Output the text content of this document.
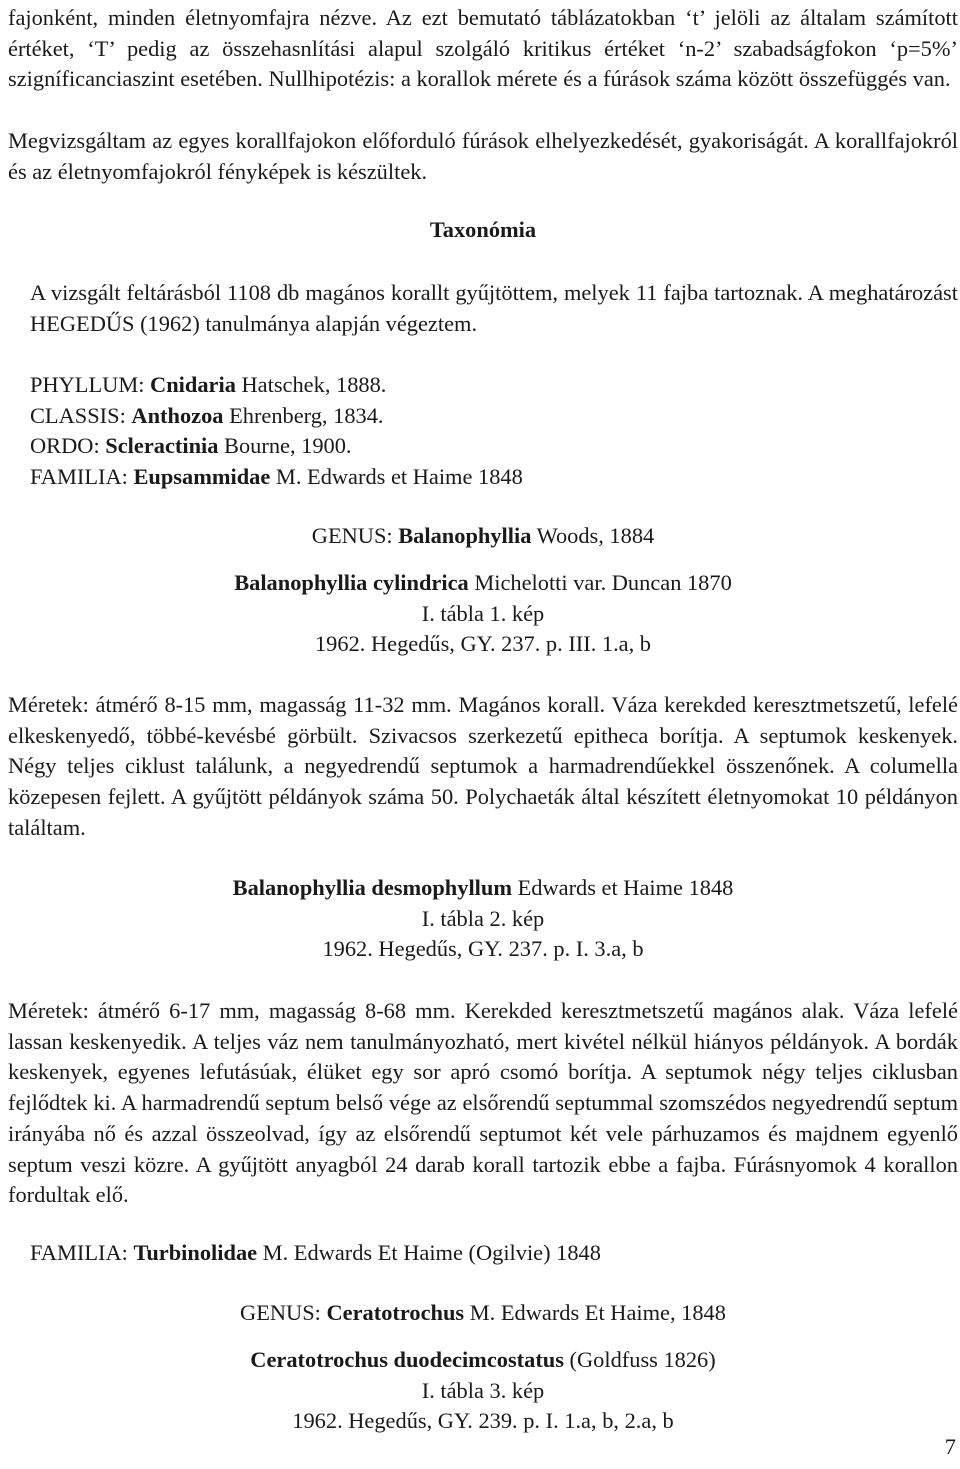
fajonként, minden életnyomfajra nézve. Az ezt bemutató táblázatokban ‘t’ jelöli az általam számított értéket, ‘T’ pedig az összehasnlítási alapul szolgáló kritikus értéket ‘n-2’ szabadságfokon ‘p=5%’ szigníficanciaszint esetében. Nullhipotézis: a korallok mérete és a fúrások száma között összefüggés van.

Megvizsgáltam az egyes korallfajokon előforduló fúrások elhelyezkedését, gyakoriságát. A korallfajokról és az életnyomfajokról fényképek is készültek.

Taxonómia

A vizsgált feltárásból 1108 db magános korallt gyűjtöttem, melyek 11 fajba tartoznak. A meghatározást HEGEDŰS (1962) tanulmánya alapján végeztem.

PHYLLUM: Cnidaria Hatschek, 1888.

CLASSIS: Anthozoa Ehrenberg, 1834.

ORDO: Scleractinia Bourne, 1900.

FAMILIA: Eupsammidae M. Edwards et Haime 1848

GENUS: Balanophyllia Woods, 1884

Balanophyllia cylindrica Michelotti var. Duncan 1870

I. tábla 1. kép

1962. Hegedűs, GY. 237. p. III. 1.a, b

Méretek: átmérő 8-15 mm, magasság 11-32 mm. Magános korall. Váza kerekded keresztmetszetű, lefelé elkeskenyedő, többé-kevésbé görbült. Szivacsos szerkezetű epitheca borítja. A septumok keskenyek. Négy teljes ciklust találunk, a negyedrendű septumok a harmadrendűekkel összenőnek. A columella közepesen fejlett. A gyűjtött példányok száma 50. Polychaeták által készített életnyomokat 10 példányon találtam.

Balanophyllia desmophyllum Edwards et Haime 1848

I. tábla 2. kép

1962. Hegedűs, GY. 237. p. I. 3.a, b

Méretek: átmérő 6-17 mm, magasság 8-68 mm. Kerekded keresztmetszetű magános alak. Váza lefelé lassan keskenyedik. A teljes váz nem tanulmányozható, mert kivétel nélkül hiányos példányok. A bordák keskenyek, egyenes lefutásúak, élüket egy sor apró csomó borítja. A septumok négy teljes ciklusban fejlődtek ki. A harmadrendű septum belső vége az elsőrendű septummal szomszédos negyedrendű septum irányába nő és azzal összeolvad, így az elsőrendű septumot két vele párhuzamos és majdnem egyenlő septum veszi közre. A gyűjtött anyagból 24 darab korall tartozik ebbe a fajba. Fúrásnyomok 4 korallon fordultak elő.

FAMILIA: Turbinolidae M. Edwards Et Haime (Ogilvie) 1848

GENUS: Ceratotrochus M. Edwards Et Haime, 1848

Ceratotrochus duodecimcostatus (Goldfuss 1826)

I. tábla 3. kép

1962. Hegedűs, GY. 239. p. I. 1.a, b, 2.a, b

7
